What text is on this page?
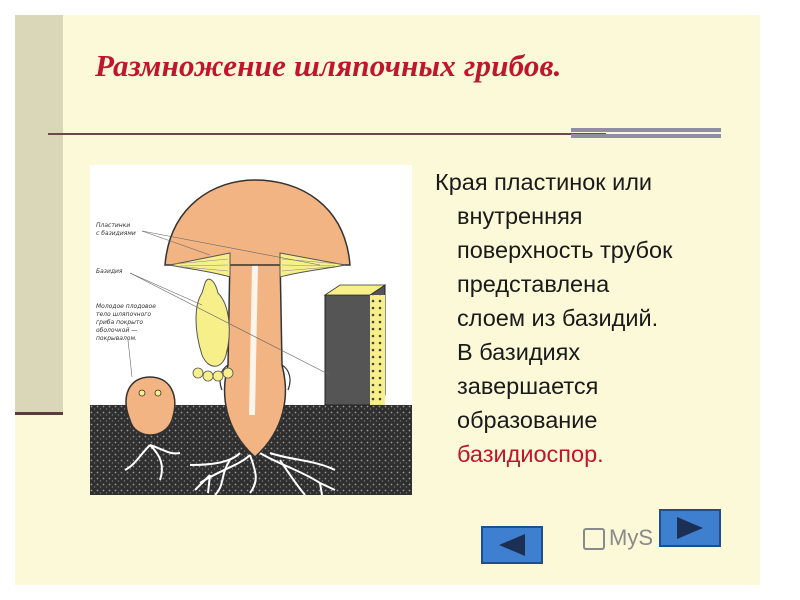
Размножение шляпочных грибов.
Пластинки
с базидиями
Базидия
Молодое плодовое
тело шляпочного
гриба покрыто
оболочкой —
покрывалом.
Края пластинок или
внутренняя
поверхность трубок
представлена
слоем из базидий.
В базидиях
завершается
образование
базидиоспор.
MyS
